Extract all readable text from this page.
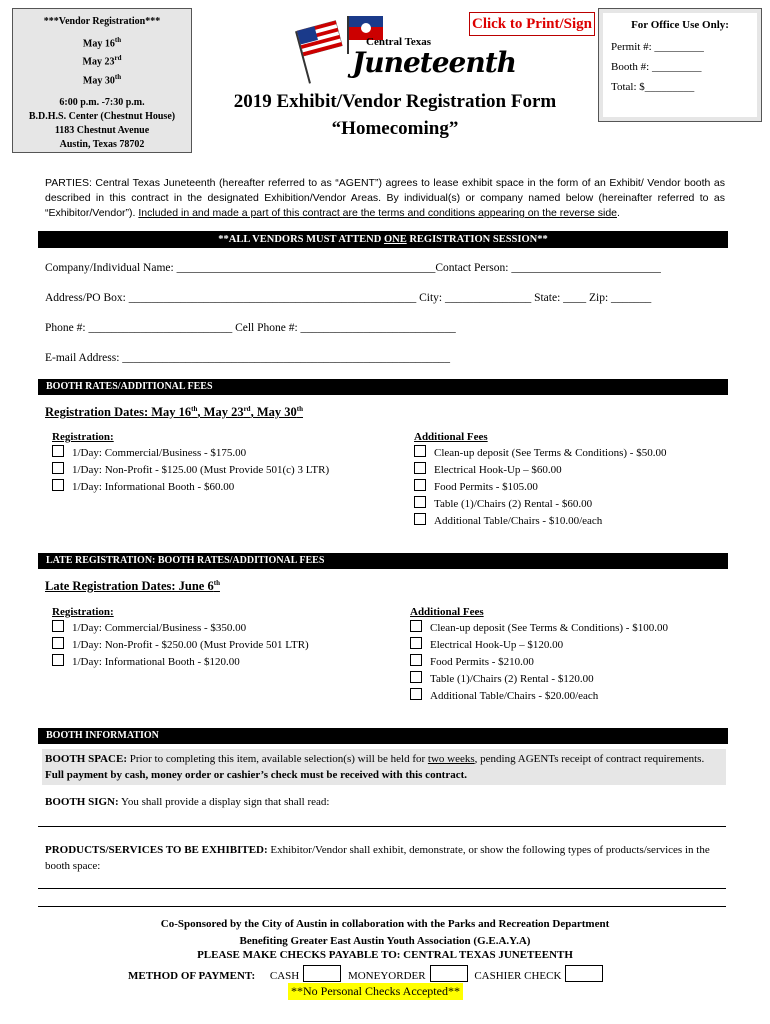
***Vendor Registration***

May 16th

May 23rd

May 30th

6:00 p.m. -7:30 p.m.

B.D.H.S. Center (Chestnut House)

1183 Chestnut Avenue

Austin, Texas 78702

Central Texas
Juneteenth
Click to Print/Sign	For Office Use Only:
Permit #: _________
Booth #: _________
Total: $_________
2019 Exhibit/Vendor Registration Form
“Homecoming”
PARTIES: Central Texas Juneteenth (hereafter referred to as “AGENT”) agrees to lease exhibit space in the form of an Exhibit/ Vendor booth as described in this contract in the designated Exhibition/Vendor Areas. By individual(s) or company named below (hereinafter referred to as “Exhibitor/Vendor”). Included in and made a part of this contract are the terms and conditions appearing on the reverse side.
**ALL VENDORS MUST ATTEND ONE REGISTRATION SESSION**
Company/Individual Name: _____________________________________________Contact Person: __________________________
Address/PO Box: __________________________________________________ City: _______________ State: ____ Zip: _______
Phone #: _________________________ Cell Phone #: ___________________________
E-mail Address: _________________________________________________________
BOOTH RATES/ADDITIONAL FEES
Registration Dates: May 16th, May 23rd, May 30th
Registration:
1/Day: Commercial/Business - $175.00
1/Day: Non-Profit - $125.00 (Must Provide 501(c) 3 LTR)
1/Day: Informational Booth - $60.00
Additional Fees
Clean-up deposit (See Terms & Conditions) - $50.00
Electrical Hook-Up – $60.00
Food Permits - $105.00
Table (1)/Chairs (2) Rental - $60.00
Additional Table/Chairs - $10.00/each
LATE REGISTRATION: BOOTH RATES/ADDITIONAL FEES
Late Registration Dates: June 6th
Registration:
1/Day: Commercial/Business - $350.00
1/Day: Non-Profit - $250.00 (Must Provide 501 LTR)
1/Day: Informational Booth - $120.00
Additional Fees
Clean-up deposit (See Terms & Conditions) - $100.00
Electrical Hook-Up – $120.00
Food Permits - $210.00
Table (1)/Chairs (2) Rental - $120.00
Additional Table/Chairs - $20.00/each
BOOTH INFORMATION
BOOTH SPACE: Prior to completing this item, available selection(s) will be held for two weeks, pending AGENTs receipt of contract requirements. Full payment by cash, money order or cashier’s check must be received with this contract.
BOOTH SIGN: You shall provide a display sign that shall read:
PRODUCTS/SERVICES TO BE EXHIBITED: Exhibitor/Vendor shall exhibit, demonstrate, or show the following types of products/services in the booth space:
Co-Sponsored by the City of Austin in collaboration with the Parks and Recreation Department
Benefiting Greater East Austin Youth Association (G.E.A.Y.A)
PLEASE MAKE CHECKS PAYABLE TO: CENTRAL TEXAS JUNETEENTH
METHOD OF PAYMENT: CASH	MONEYORDER	CASHIER CHECK
**No Personal Checks Accepted**
